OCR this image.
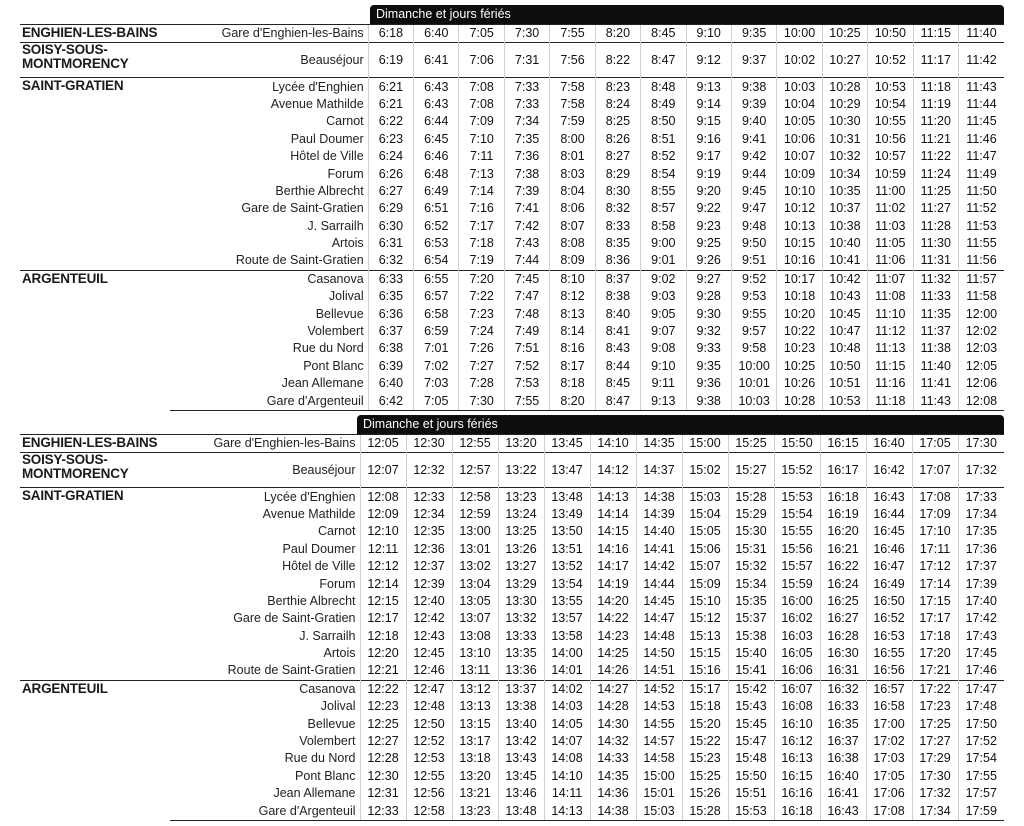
Dimanche et jours fériés
ENGHIEN-LES-BAINS	Gare d'Enghien-les-Bains	6:18	6:40	7:05	7:30	7:55	8:20	8:45	9:10	9:35	10:00	10:25	10:50	11:15	11:40
SOISY-SOUS-MONTMORENCY	Beauséjour	6:19	6:41	7:06	7:31	7:56	8:22	8:47	9:12	9:37	10:02	10:27	10:52	11:17	11:42
SAINT-GRATIEN	Lycée d'Enghien	6:21	6:43	7:08	7:33	7:58	8:23	8:48	9:13	9:38	10:03	10:28	10:53	11:18	11:43
	Avenue Mathilde	6:21	6:43	7:08	7:33	7:58	8:24	8:49	9:14	9:39	10:04	10:29	10:54	11:19	11:44
	Carnot	6:22	6:44	7:09	7:34	7:59	8:25	8:50	9:15	9:40	10:05	10:30	10:55	11:20	11:45
	Paul Doumer	6:23	6:45	7:10	7:35	8:00	8:26	8:51	9:16	9:41	10:06	10:31	10:56	11:21	11:46
	Hôtel de Ville	6:24	6:46	7:11	7:36	8:01	8:27	8:52	9:17	9:42	10:07	10:32	10:57	11:22	11:47
	Forum	6:26	6:48	7:13	7:38	8:03	8:29	8:54	9:19	9:44	10:09	10:34	10:59	11:24	11:49
	Berthie Albrecht	6:27	6:49	7:14	7:39	8:04	8:30	8:55	9:20	9:45	10:10	10:35	11:00	11:25	11:50
	Gare de Saint-Gratien	6:29	6:51	7:16	7:41	8:06	8:32	8:57	9:22	9:47	10:12	10:37	11:02	11:27	11:52
	J. Sarrailh	6:30	6:52	7:17	7:42	8:07	8:33	8:58	9:23	9:48	10:13	10:38	11:03	11:28	11:53
	Artois	6:31	6:53	7:18	7:43	8:08	8:35	9:00	9:25	9:50	10:15	10:40	11:05	11:30	11:55
	Route de Saint-Gratien	6:32	6:54	7:19	7:44	8:09	8:36	9:01	9:26	9:51	10:16	10:41	11:06	11:31	11:56
ARGENTEUIL	Casanova	6:33	6:55	7:20	7:45	8:10	8:37	9:02	9:27	9:52	10:17	10:42	11:07	11:32	11:57
	Jolival	6:35	6:57	7:22	7:47	8:12	8:38	9:03	9:28	9:53	10:18	10:43	11:08	11:33	11:58
	Bellevue	6:36	6:58	7:23	7:48	8:13	8:40	9:05	9:30	9:55	10:20	10:45	11:10	11:35	12:00
	Volembert	6:37	6:59	7:24	7:49	8:14	8:41	9:07	9:32	9:57	10:22	10:47	11:12	11:37	12:02
	Rue du Nord	6:38	7:01	7:26	7:51	8:16	8:43	9:08	9:33	9:58	10:23	10:48	11:13	11:38	12:03
	Pont Blanc	6:39	7:02	7:27	7:52	8:17	8:44	9:10	9:35	10:00	10:25	10:50	11:15	11:40	12:05
	Jean Allemane	6:40	7:03	7:28	7:53	8:18	8:45	9:11	9:36	10:01	10:26	10:51	11:16	11:41	12:06
	Gare d'Argenteuil	6:42	7:05	7:30	7:55	8:20	8:47	9:13	9:38	10:03	10:28	10:53	11:18	11:43	12:08
Dimanche et jours fériés
ENGHIEN-LES-BAINS	Gare d'Enghien-les-Bains	12:05	12:30	12:55	13:20	13:45	14:10	14:35	15:00	15:25	15:50	16:15	16:40	17:05	17:30
SOISY-SOUS-MONTMORENCY	Beauséjour	12:07	12:32	12:57	13:22	13:47	14:12	14:37	15:02	15:27	15:52	16:17	16:42	17:07	17:32
SAINT-GRATIEN	Lycée d'Enghien	12:08	12:33	12:58	13:23	13:48	14:13	14:38	15:03	15:28	15:53	16:18	16:43	17:08	17:33
	Avenue Mathilde	12:09	12:34	12:59	13:24	13:49	14:14	14:39	15:04	15:29	15:54	16:19	16:44	17:09	17:34
	Carnot	12:10	12:35	13:00	13:25	13:50	14:15	14:40	15:05	15:30	15:55	16:20	16:45	17:10	17:35
	Paul Doumer	12:11	12:36	13:01	13:26	13:51	14:16	14:41	15:06	15:31	15:56	16:21	16:46	17:11	17:36
	Hôtel de Ville	12:12	12:37	13:02	13:27	13:52	14:17	14:42	15:07	15:32	15:57	16:22	16:47	17:12	17:37
	Forum	12:14	12:39	13:04	13:29	13:54	14:19	14:44	15:09	15:34	15:59	16:24	16:49	17:14	17:39
	Berthie Albrecht	12:15	12:40	13:05	13:30	13:55	14:20	14:45	15:10	15:35	16:00	16:25	16:50	17:15	17:40
	Gare de Saint-Gratien	12:17	12:42	13:07	13:32	13:57	14:22	14:47	15:12	15:37	16:02	16:27	16:52	17:17	17:42
	J. Sarrailh	12:18	12:43	13:08	13:33	13:58	14:23	14:48	15:13	15:38	16:03	16:28	16:53	17:18	17:43
	Artois	12:20	12:45	13:10	13:35	14:00	14:25	14:50	15:15	15:40	16:05	16:30	16:55	17:20	17:45
	Route de Saint-Gratien	12:21	12:46	13:11	13:36	14:01	14:26	14:51	15:16	15:41	16:06	16:31	16:56	17:21	17:46
ARGENTEUIL	Casanova	12:22	12:47	13:12	13:37	14:02	14:27	14:52	15:17	15:42	16:07	16:32	16:57	17:22	17:47
	Jolival	12:23	12:48	13:13	13:38	14:03	14:28	14:53	15:18	15:43	16:08	16:33	16:58	17:23	17:48
	Bellevue	12:25	12:50	13:15	13:40	14:05	14:30	14:55	15:20	15:45	16:10	16:35	17:00	17:25	17:50
	Volembert	12:27	12:52	13:17	13:42	14:07	14:32	14:57	15:22	15:47	16:12	16:37	17:02	17:27	17:52
	Rue du Nord	12:28	12:53	13:18	13:43	14:08	14:33	14:58	15:23	15:48	16:13	16:38	17:03	17:29	17:54
	Pont Blanc	12:30	12:55	13:20	13:45	14:10	14:35	15:00	15:25	15:50	16:15	16:40	17:05	17:30	17:55
	Jean Allemane	12:31	12:56	13:21	13:46	14:11	14:36	15:01	15:26	15:51	16:16	16:41	17:06	17:32	17:57
	Gare d'Argenteuil	12:33	12:58	13:23	13:48	14:13	14:38	15:03	15:28	15:53	16:18	16:43	17:08	17:34	17:59
